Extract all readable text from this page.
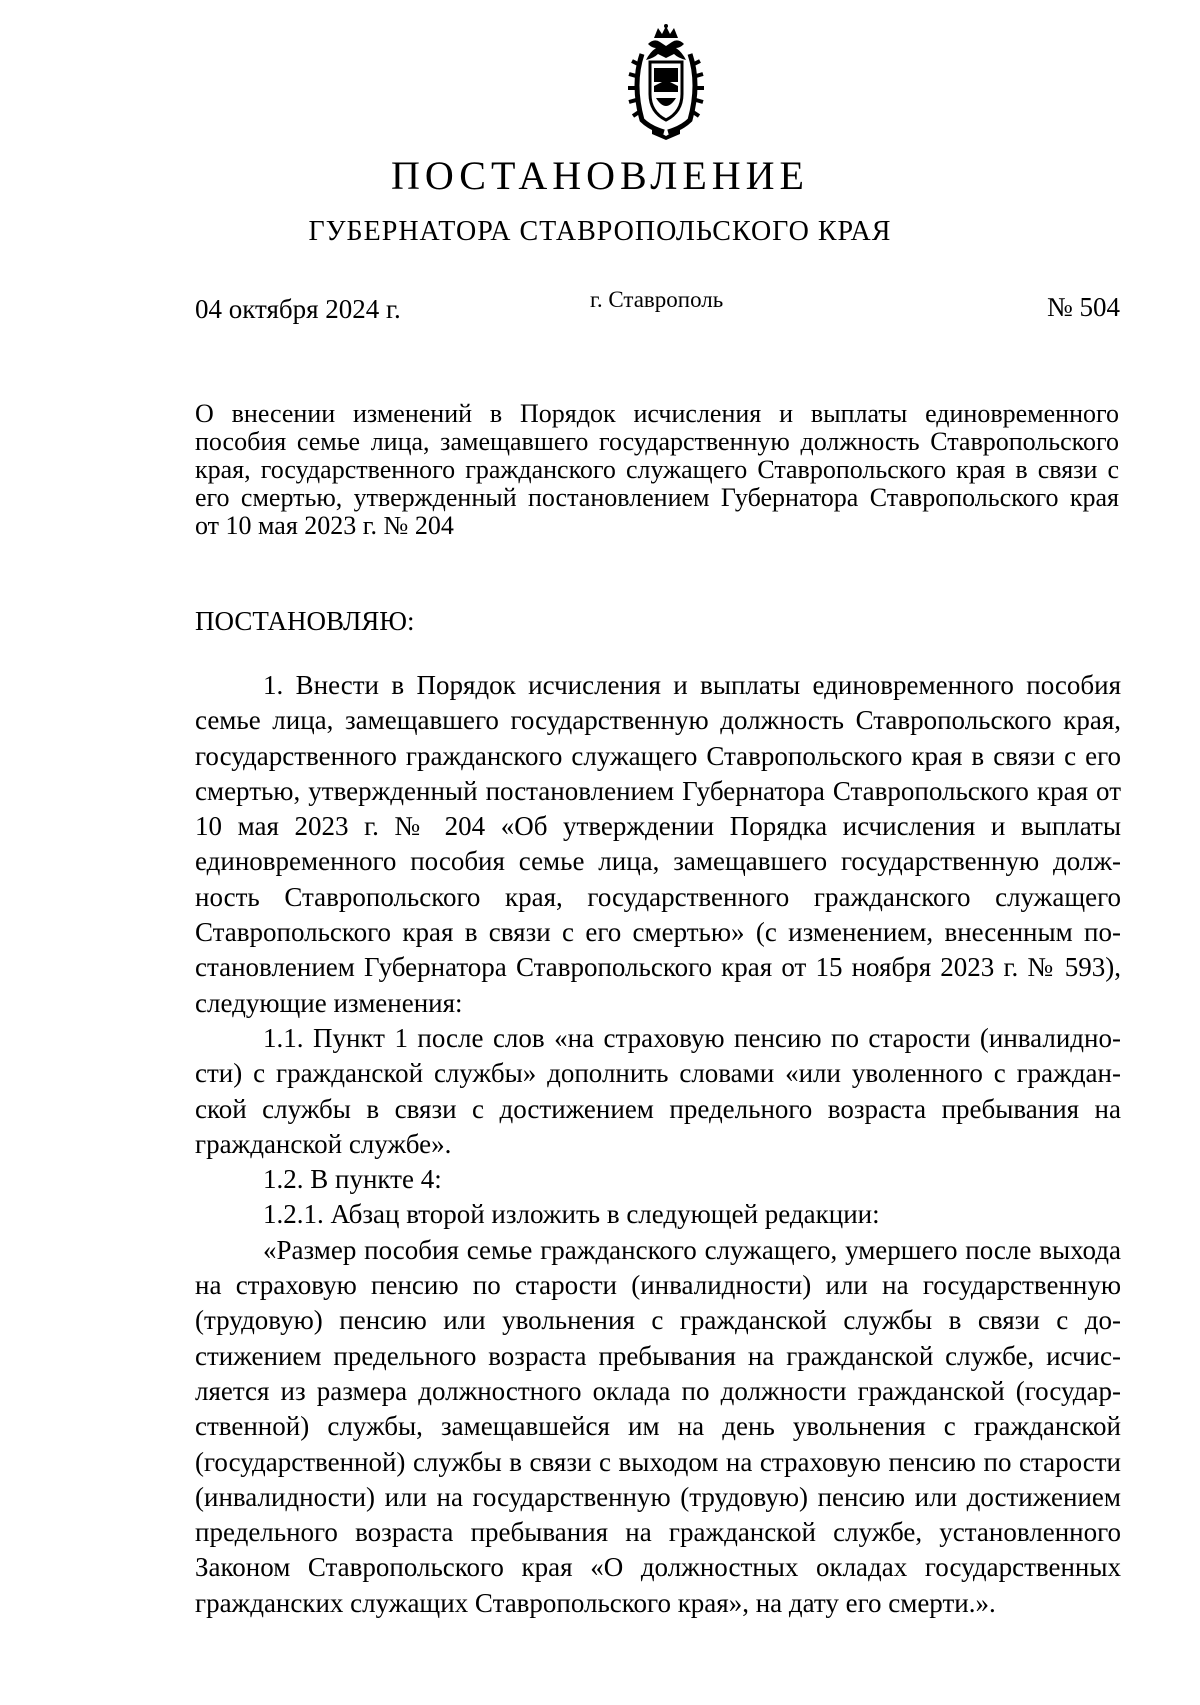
ПОСТАНОВЛЕНИЕ
ГУБЕРНАТОРА СТАВРОПОЛЬСКОГО КРАЯ
04 октября 2024 г.	г. Ставрополь	№ 504
О внесении изменений в Порядок исчисления и выплаты единовременного пособия семье лица, замещавшего государственную должность Ставропольского края, государственного гражданского служащего Ставропольского края в связи с его смертью, утвержденный постановлением Губернатора Ставропольского края от 10 мая 2023 г. № 204
ПОСТАНОВЛЯЮ:

1. Внести в Порядок исчисления и выплаты единовременного пособия семье лица, замещавшего государственную должность Ставропольского края, государственного гражданского служащего Ставропольского края в связи с его смертью, утвержденный постановлением Губернатора Ставропольского края от 10 мая 2023 г. № 204 «Об утверждении Порядка исчисления и выплаты единовременного пособия семье лица, замещавшего государственную должность Ставропольского края, государственного гражданского служащего Ставропольского края в связи с его смертью» (с изменением, внесенным постановлением Губернатора Ставропольского края от 15 ноября 2023 г. № 593), следующие изменения:

1.1. Пункт 1 после слов «на страховую пенсию по старости (инвалидности) с гражданской службы» дополнить словами «или уволенного с гражданской службы в связи с достижением предельного возраста пребывания на гражданской службе».

1.2. В пункте 4:

1.2.1. Абзац второй изложить в следующей редакции:

«Размер пособия семье гражданского служащего, умершего после выхода на страховую пенсию по старости (инвалидности) или на государственную (трудовую) пенсию или увольнения с гражданской службы в связи с достижением предельного возраста пребывания на гражданской службе, исчисляется из размера должностного оклада по должности гражданской (государственной) службы, замещавшейся им на день увольнения с гражданской (государственной) службы в связи с выходом на страховую пенсию по старости (инвалидности) или на государственную (трудовую) пенсию или достижением предельного возраста пребывания на гражданской службе, установленного Законом Ставропольского края «О должностных окладах государственных гражданских служащих Ставропольского края», на дату его смерти.».
